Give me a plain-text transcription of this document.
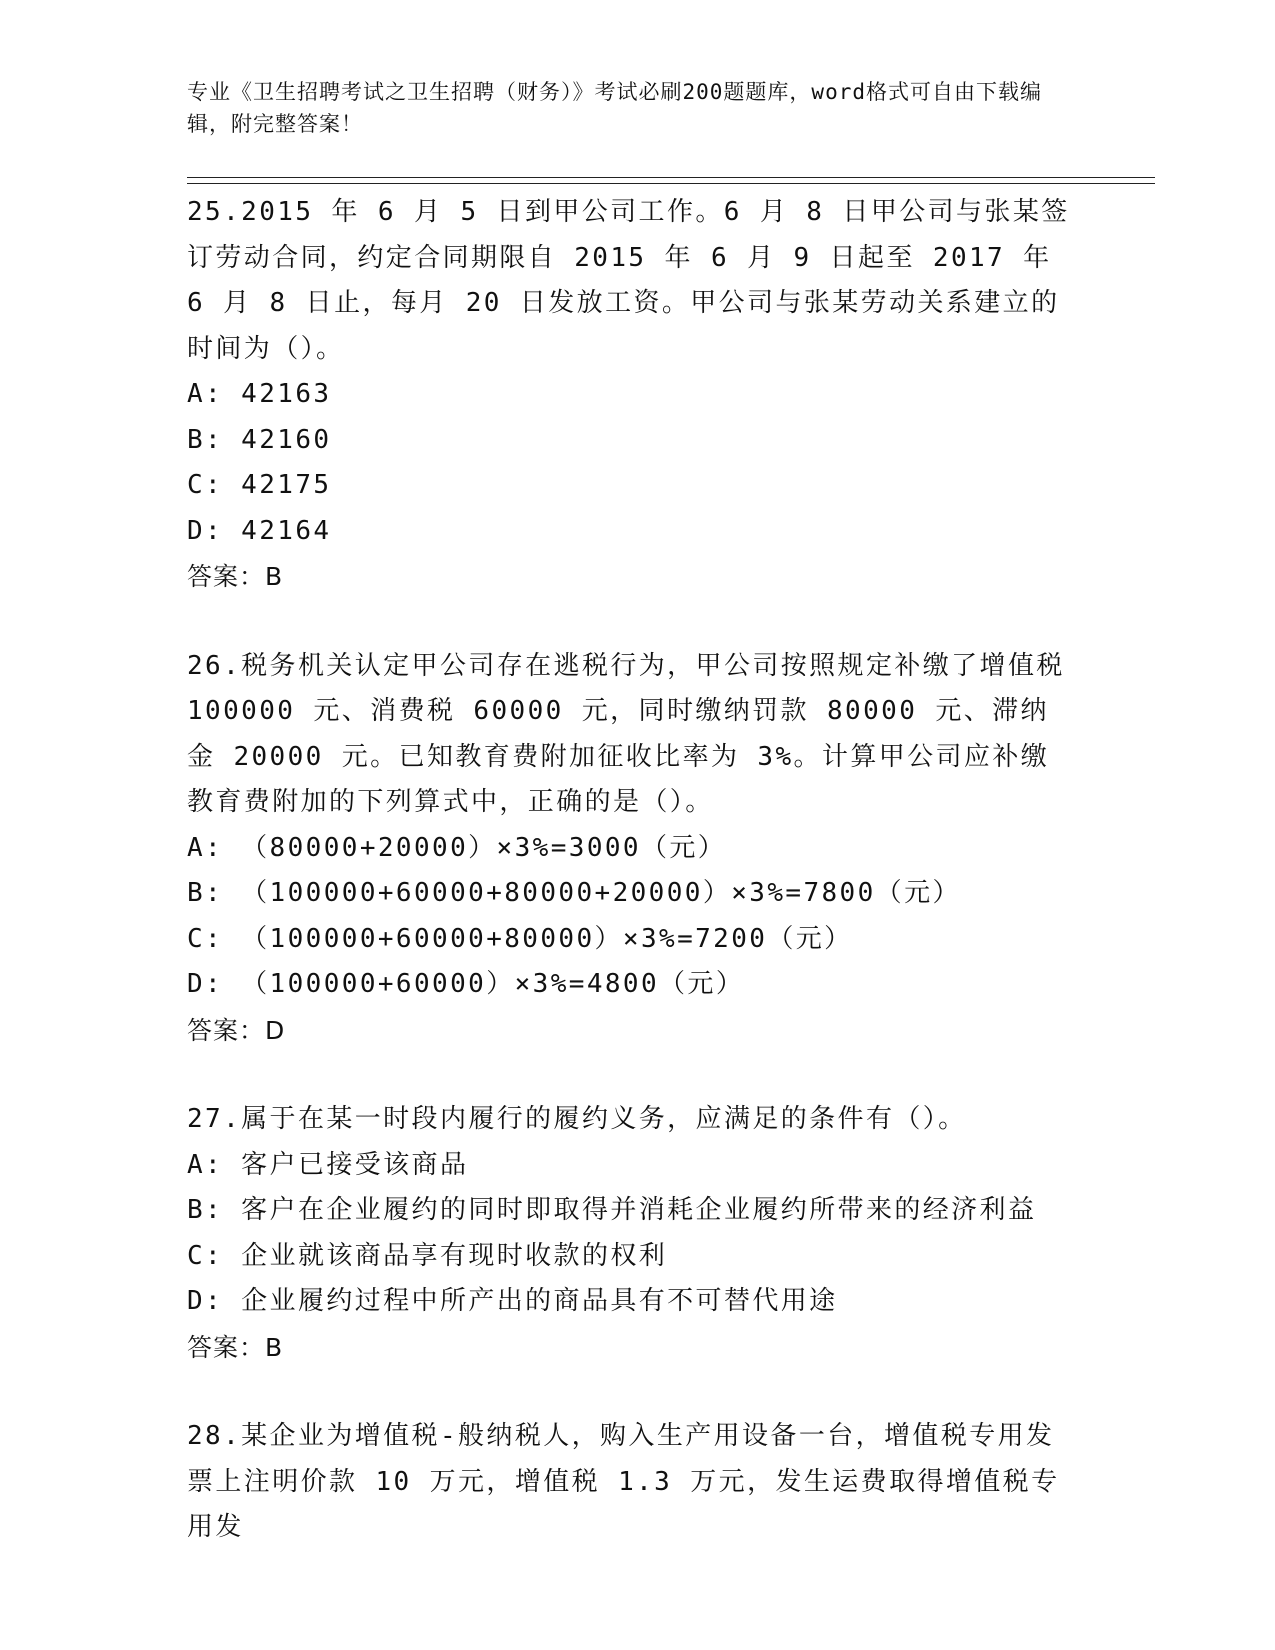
专业《卫生招聘考试之卫生招聘（财务）》考试必刷200题题库，word格式可自由下载编辑，附完整答案！

25.2015 年 6 月 5 日到甲公司工作。6 月 8 日甲公司与张某签订劳动合同，约定合同期限自 2015 年 6 月 9 日起至 2017 年 6 月 8 日止，每月 20 日发放工资。甲公司与张某劳动关系建立的时间为（）。

A: 42163

B: 42160

C: 42175

D: 42164

答案：B

26.税务机关认定甲公司存在逃税行为，甲公司按照规定补缴了增值税 100000 元、消费税 60000 元，同时缴纳罚款 80000 元、滞纳金 20000 元。已知教育费附加征收比率为 3%。计算甲公司应补缴教育费附加的下列算式中，正确的是（）。

A: （80000+20000）×3%=3000（元）

B: （100000+60000+80000+20000）×3%=7800（元）

C: （100000+60000+80000）×3%=7200（元）

D: （100000+60000）×3%=4800（元）

答案：D

27.属于在某一时段内履行的履约义务，应满足的条件有（）。

A: 客户已接受该商品

B: 客户在企业履约的同时即取得并消耗企业履约所带来的经济利益

C: 企业就该商品享有现时收款的权利

D: 企业履约过程中所产出的商品具有不可替代用途

答案：B

28.某企业为增值税-般纳税人，购入生产用设备一台，增值税专用发票上注明价款 10 万元，增值税 1.3 万元，发生运费取得增值税专用发
